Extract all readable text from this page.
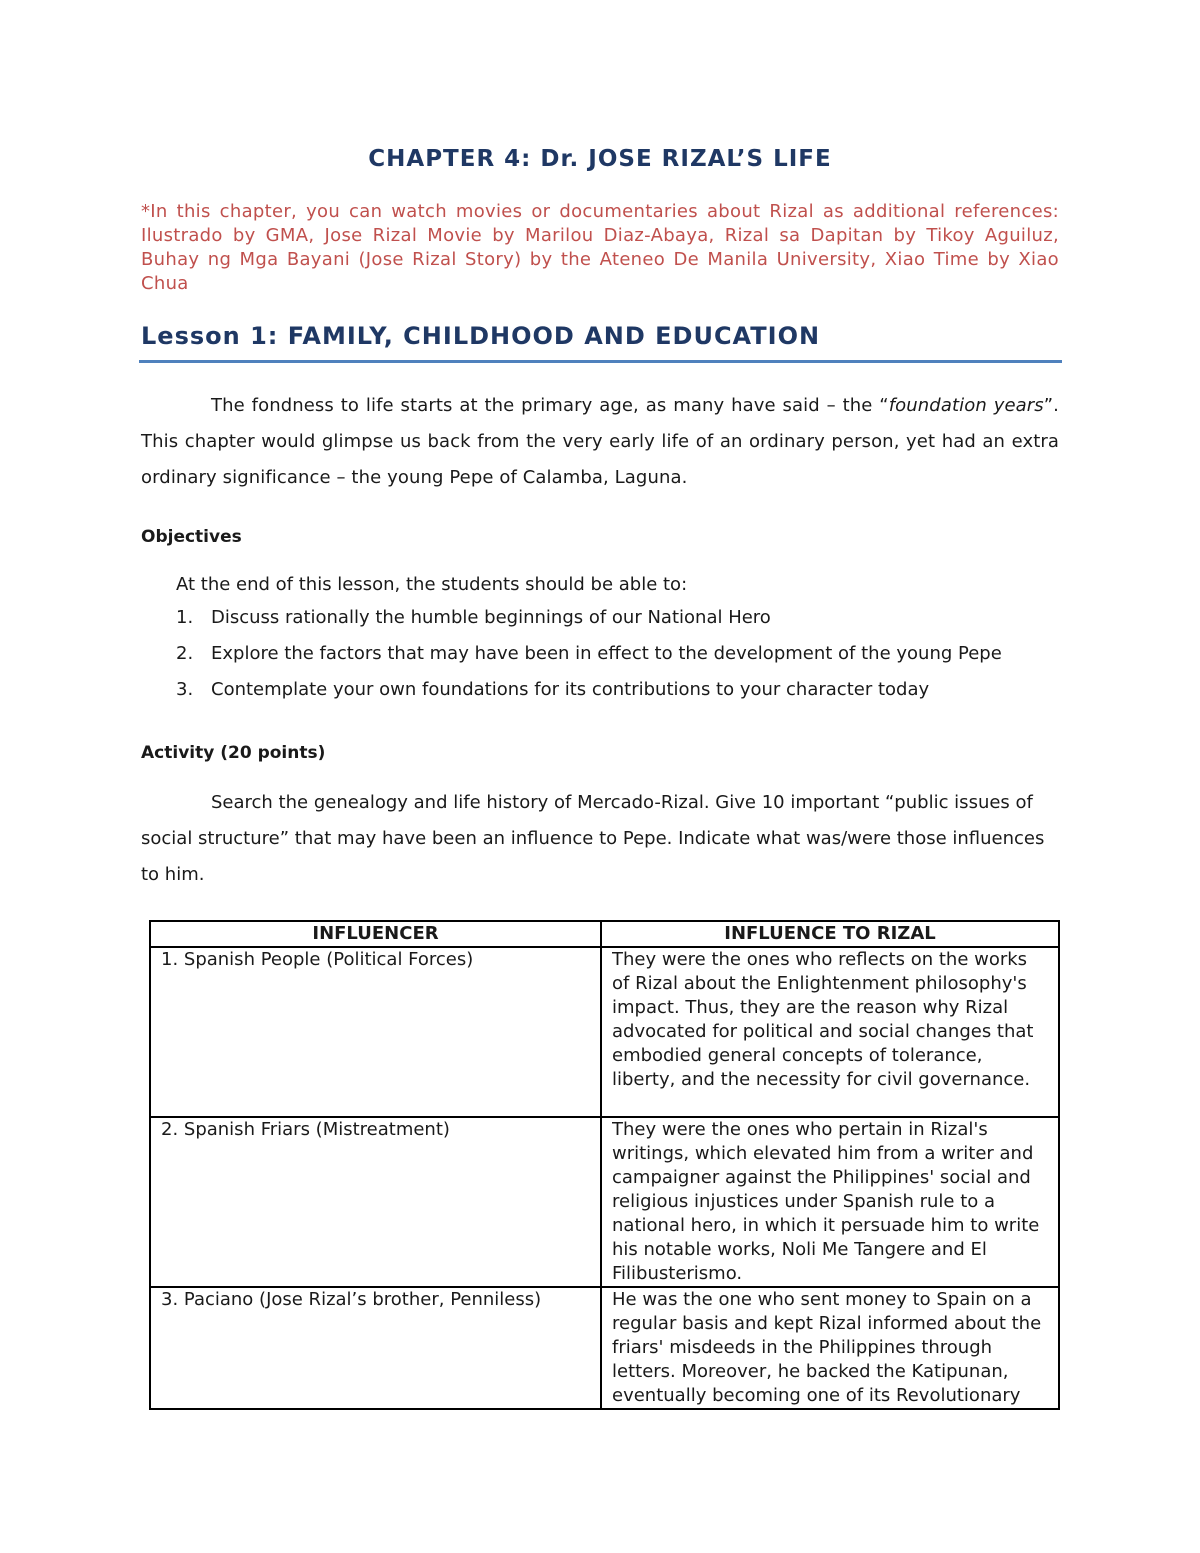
CHAPTER 4: Dr. JOSE RIZAL’S LIFE
*In this chapter, you can watch movies or documentaries about Rizal as additional references: Ilustrado by GMA, Jose Rizal Movie by Marilou Diaz-Abaya, Rizal sa Dapitan by Tikoy Aguiluz, Buhay ng Mga Bayani (Jose Rizal Story) by the Ateneo De Manila University, Xiao Time by Xiao Chua
Lesson 1: FAMILY, CHILDHOOD AND EDUCATION
The fondness to life starts at the primary age, as many have said – the “foundation years”. This chapter would glimpse us back from the very early life of an ordinary person, yet had an extra ordinary significance – the young Pepe of Calamba, Laguna.
Objectives
At the end of this lesson, the students should be able to:
1. Discuss rationally the humble beginnings of our National Hero
2. Explore the factors that may have been in effect to the development of the young Pepe
3. Contemplate your own foundations for its contributions to your character today
Activity (20 points)
Search the genealogy and life history of Mercado-Rizal. Give 10 important “public issues of social structure” that may have been an influence to Pepe. Indicate what was/were those influences to him.
INFLUENCER	INFLUENCE TO RIZAL

1. Spanish People (Political Forces)	They were the ones who reflects on the works of Rizal about the Enlightenment philosophy's impact. Thus, they are the reason why Rizal advocated for political and social changes that embodied general concepts of tolerance, liberty, and the necessity for civil governance.

2. Spanish Friars (Mistreatment)	They were the ones who pertain in Rizal's writings, which elevated him from a writer and campaigner against the Philippines' social and religious injustices under Spanish rule to a national hero, in which it persuade him to write his notable works, Noli Me Tangere and El Filibusterismo.

3. Paciano (Jose Rizal’s brother, Penniless)	He was the one who sent money to Spain on a regular basis and kept Rizal informed about the friars' misdeeds in the Philippines through letters. Moreover, he backed the Katipunan, eventually becoming one of its Revolutionary
